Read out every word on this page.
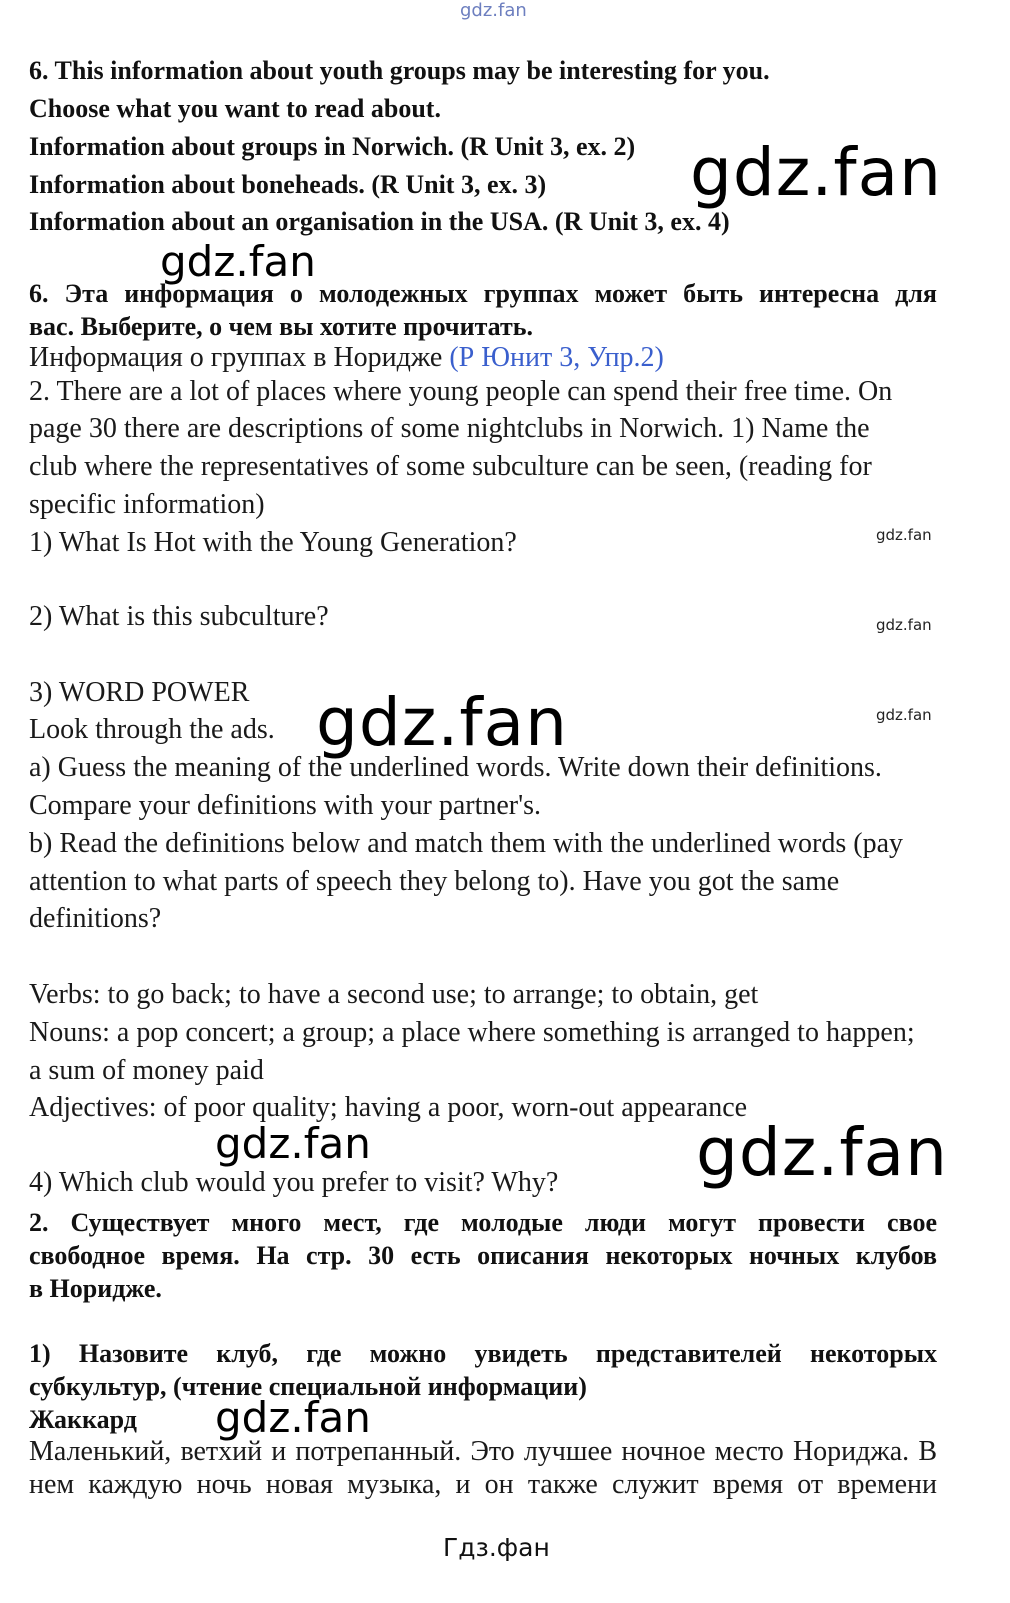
gdz.fan
gdz.fan
gdz.fan
gdz.fan
gdz.fan
gdz.fan
gdz.fan
gdz.fan	gdz.fan
gdz.fan
Гдз.фан
6. This information about youth groups may be interesting for you.
Choose what you want to read about.
Information about groups in Norwich. (R Unit 3, ex. 2)
Information about boneheads. (R Unit 3, ex. 3)
Information about an organisation in the USA. (R Unit 3, ex. 4)
6. Эта информация о молодежных группах может быть интересна для
вас. Выберите, о чем вы хотите прочитать.
Информация о группах в Норидже (Р Юнит 3, Упр.2)
2. There are a lot of places where young people can spend their free time. On
page 30 there are descriptions of some nightclubs in Norwich. 1) Name the
club where the representatives of some subculture can be seen, (reading for
specific information)
1) What Is Hot with the Young Generation?
2) What is this subculture?
3) WORD POWER
Look through the ads.
a) Guess the meaning of the underlined words. Write down their definitions.
Compare your definitions with your partner's.
b) Read the definitions below and match them with the underlined words (pay
attention to what parts of speech they belong to). Have you got the same
definitions?
Verbs: to go back; to have a second use; to arrange; to obtain, get
Nouns: a pop concert; a group; a place where something is arranged to happen;
a sum of money paid
Adjectives: of poor quality; having a poor, worn-out appearance
4) Which club would you prefer to visit? Why?
2. Существует много мест, где молодые люди могут провести свое
свободное время. На стр. 30 есть описания некоторых ночных клубов
в Норидже.
1) Назовите клуб, где можно увидеть представителей некоторых
субкультур, (чтение специальной информации)
Жаккард
Маленький, ветхий и потрепанный. Это лучшее ночное место Нориджа. В
нем каждую ночь новая музыка, и он также служит время от времени
